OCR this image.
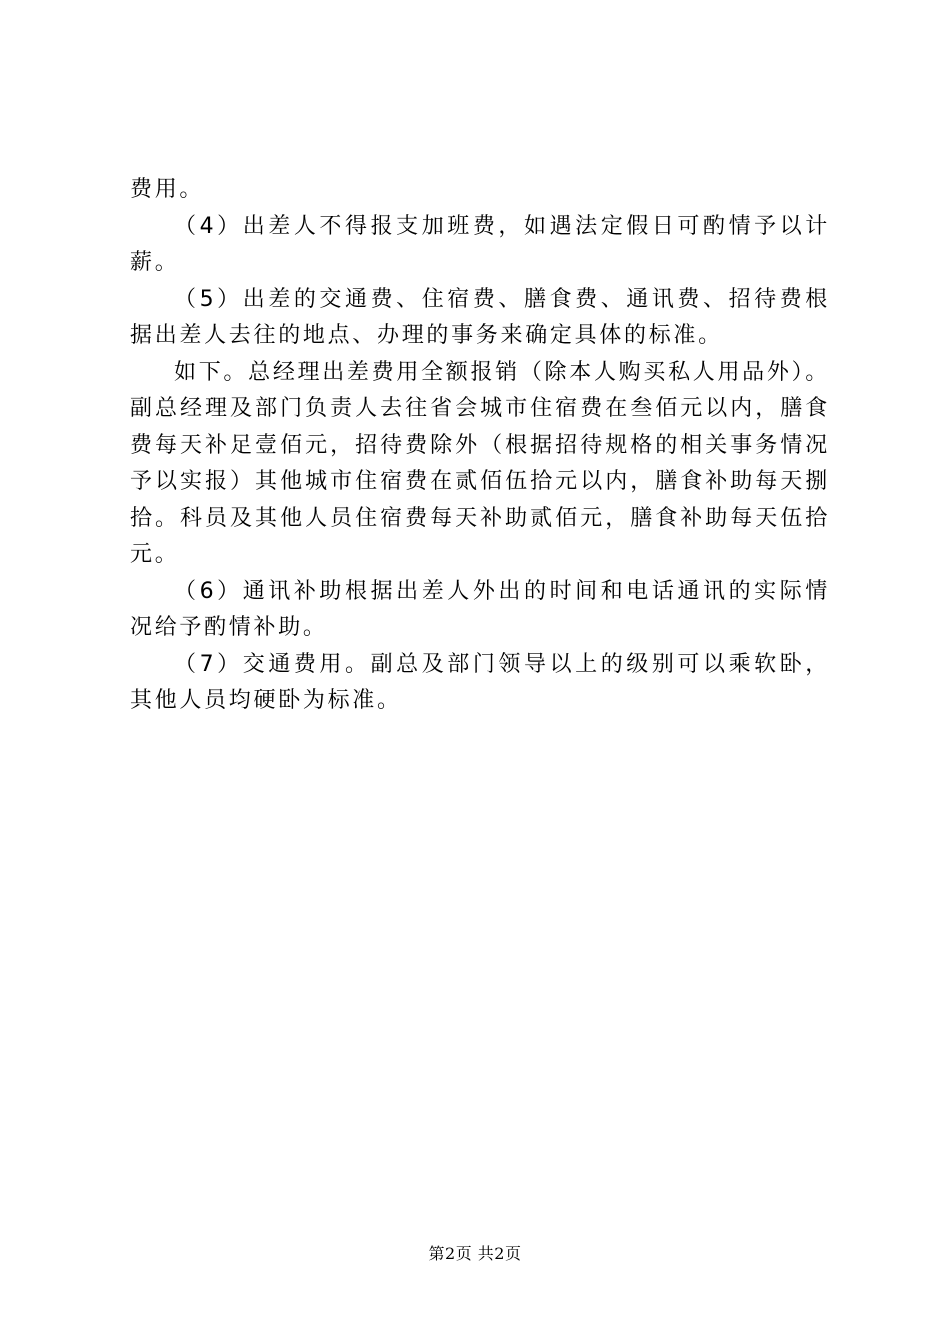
费用。

（4）出差人不得报支加班费，如遇法定假日可酌情予以计薪。

（5）出差的交通费、住宿费、膳食费、通讯费、招待费根据出差人去往的地点、办理的事务来确定具体的标准。

如下。总经理出差费用全额报销（除本人购买私人用品外）。副总经理及部门负责人去往省会城市住宿费在叁佰元以内，膳食费每天补足壹佰元，招待费除外（根据招待规格的相关事务情况予以实报）其他城市住宿费在贰佰伍拾元以内，膳食补助每天捌拾。科员及其他人员住宿费每天补助贰佰元，膳食补助每天伍拾元。

（6）通讯补助根据出差人外出的时间和电话通讯的实际情况给予酌情补助。

（7）交通费用。副总及部门领导以上的级别可以乘软卧，其他人员均硬卧为标准。

第2页 共2页
